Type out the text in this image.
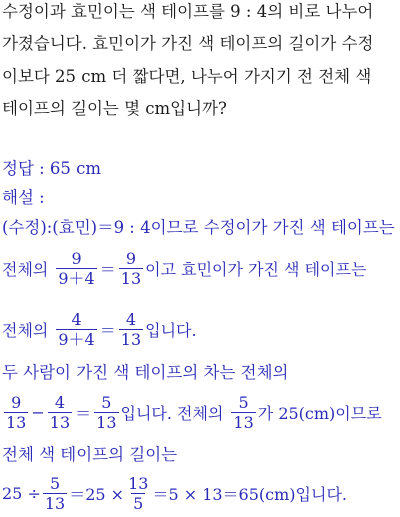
수정이과 효민이는 색 테이프를 9 : 4의 비로 나누어
가졌습니다. 효민이가 가진 색 테이프의 길이가 수정
이보다 25 cm 더 짧다면, 나누어 가지기 전 전체 색
테이프의 길이는 몇 cm입니까?
정답 : 65 cm
해설 :
(수정):(효민)＝9 : 4이므로 수정이가 가진 색 테이프는
전체의 $\frac{9}{9+4} = \frac{9}{13}$ 이고 효민이가 가진 색 테이프는
전체의 $\frac{4}{9+4} = \frac{4}{13}$ 입니다.
두 사람이 가진 색 테이프의 차는 전체의
$\frac{9}{13} - \frac{4}{13} = \frac{5}{13}$ 입니다. 전체의 $\frac{5}{13}$ 가 25(cm)이므로
전체 색 테이프의 길이는
$25 \div \frac{5}{13} =25 \times \frac{13}{5} =5 \times 13=65(cm)$입니다.
